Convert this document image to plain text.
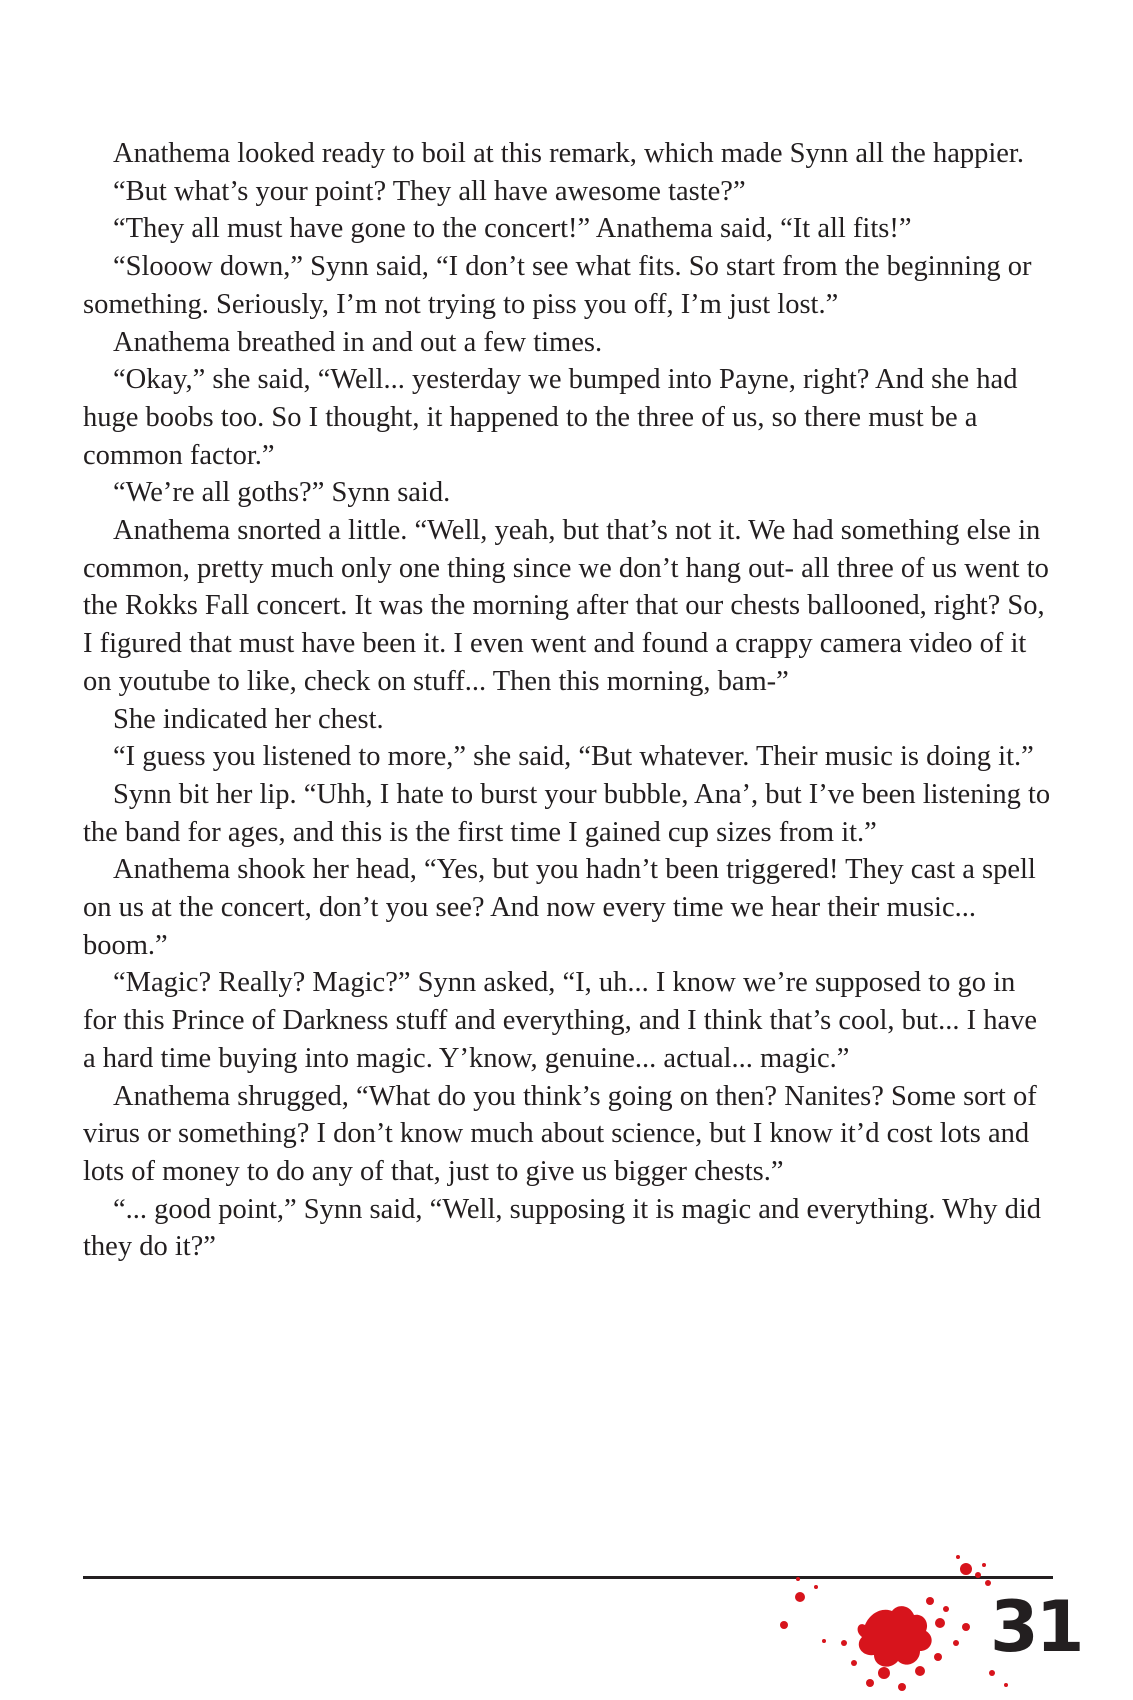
Anathema looked ready to boil at this remark, which made Synn all the happier.

“But what’s your point? They all have awesome taste?”

“They all must have gone to the concert!” Anathema said, “It all fits!”

“Slooow down,” Synn said, “I don’t see what fits. So start from the beginning or something. Seriously, I’m not trying to piss you off, I’m just lost.”

Anathema breathed in and out a few times.

“Okay,” she said, “Well... yesterday we bumped into Payne, right? And she had huge boobs too. So I thought, it happened to the three of us, so there must be a common factor.”

“We’re all goths?” Synn said.

Anathema snorted a little. “Well, yeah, but that’s not it. We had something else in common, pretty much only one thing since we don’t hang out- all three of us went to the Rokks Fall concert. It was the morning after that our chests ballooned, right? So, I figured that must have been it. I even went and found a crappy camera video of it on youtube to like, check on stuff... Then this morning, bam-”

She indicated her chest.

“I guess you listened to more,” she said, “But whatever. Their music is doing it.”

Synn bit her lip. “Uhh, I hate to burst your bubble, Ana’, but I’ve been listening to the band for ages, and this is the first time I gained cup sizes from it.”

Anathema shook her head, “Yes, but you hadn’t been triggered! They cast a spell on us at the concert, don’t you see? And now every time we hear their music... boom.”

“Magic? Really? Magic?” Synn asked, “I, uh... I know we’re supposed to go in for this Prince of Darkness stuff and everything, and I think that’s cool, but... I have a hard time buying into magic. Y’know, genuine... actual... magic.”

Anathema shrugged, “What do you think’s going on then? Nanites? Some sort of virus or something? I don’t know much about science, but I know it’d cost lots and lots of money to do any of that, just to give us bigger chests.”

“... good point,” Synn said, “Well, supposing it is magic and everything. Why did they do it?”

31
